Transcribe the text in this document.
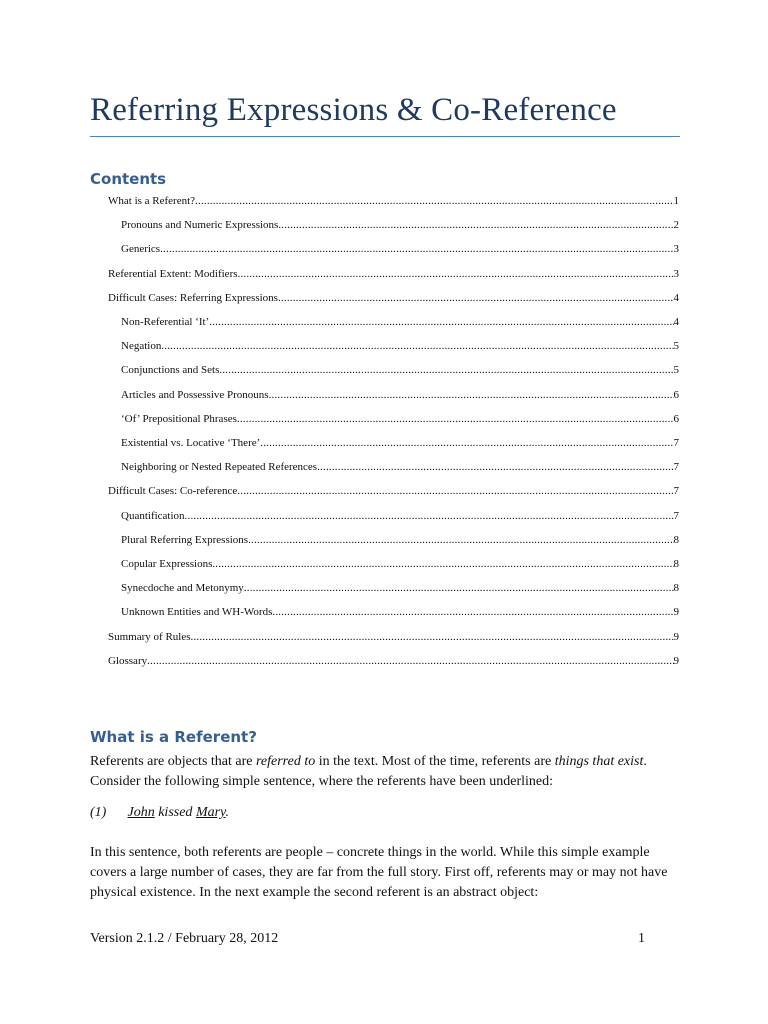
Referring Expressions & Co-Reference
Contents
What is a Referent? .....	1
Pronouns and Numeric Expressions .....	2
Generics .....	3
Referential Extent: Modifiers .....	3
Difficult Cases: Referring Expressions .....	4
Non-Referential ‘It’ .....	4
Negation .....	5
Conjunctions and Sets .....	5
Articles and Possessive Pronouns .....	6
‘Of’ Prepositional Phrases .....	6
Existential vs. Locative ‘There’ .....	7
Neighboring or Nested Repeated References .....	7
Difficult Cases: Co-reference .....	7
Quantification .....	7
Plural Referring Expressions .....	8
Copular Expressions .....	8
Synecdoche and Metonymy .....	8
Unknown Entities and WH-Words .....	9
Summary of Rules .....	9
Glossary .....	9
What is a Referent?
Referents are objects that are referred to in the text. Most of the time, referents are things that exist.
Consider the following simple sentence, where the referents have been underlined:
(1) John kissed Mary.
In this sentence, both referents are people – concrete things in the world. While this simple example covers a large number of cases, they are far from the full story. First off, referents may or may not have physical existence. In the next example the second referent is an abstract object:
Version 2.1.2 / February 28, 2012	1
